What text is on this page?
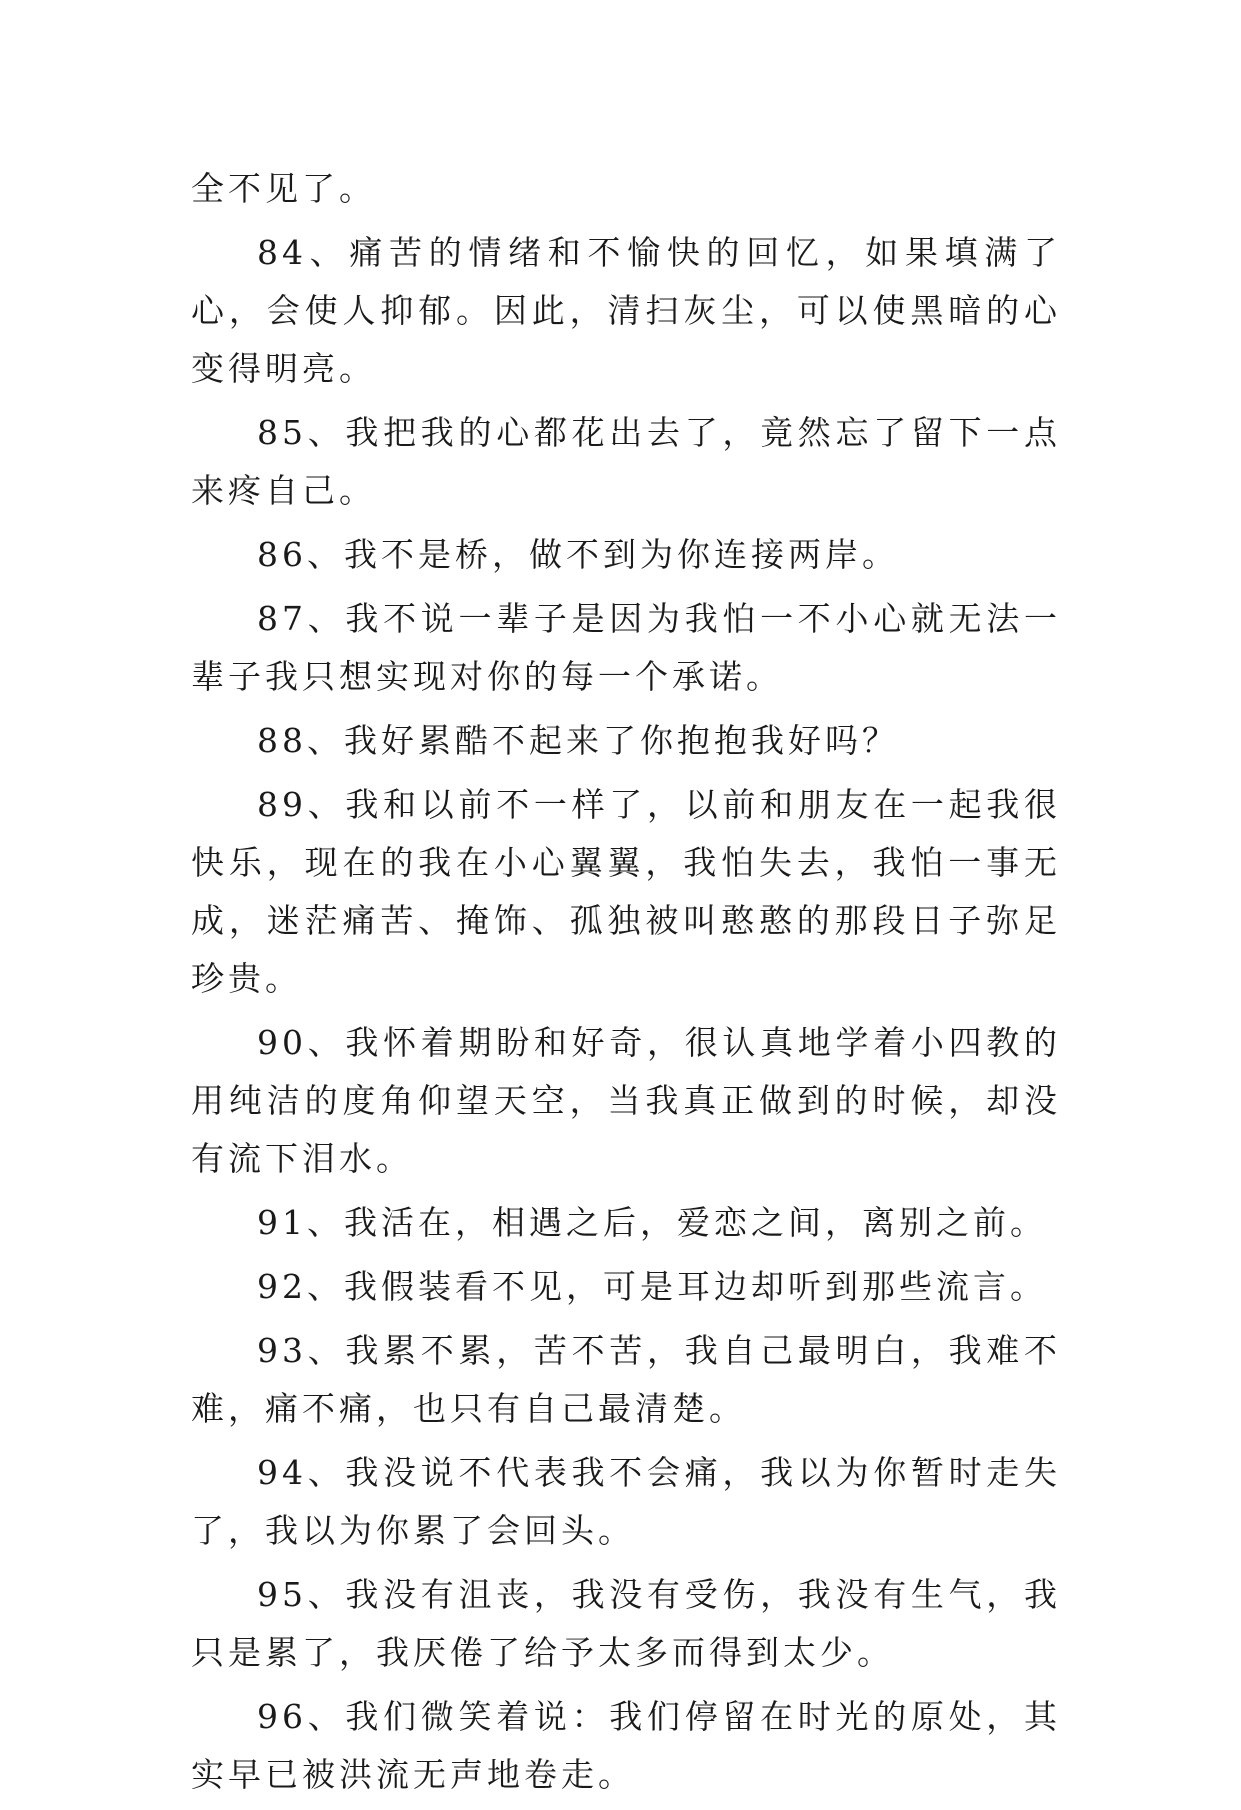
全不见了。

84、痛苦的情绪和不愉快的回忆，如果填满了心，会使人抑郁。因此，清扫灰尘，可以使黑暗的心变得明亮。

85、我把我的心都花出去了，竟然忘了留下一点来疼自己。

86、我不是桥，做不到为你连接两岸。

87、我不说一辈子是因为我怕一不小心就无法一辈子我只想实现对你的每一个承诺。

88、我好累酷不起来了你抱抱我好吗？

89、我和以前不一样了，以前和朋友在一起我很快乐，现在的我在小心翼翼，我怕失去，我怕一事无成，迷茫痛苦、掩饰、孤独被叫憨憨的那段日子弥足珍贵。

90、我怀着期盼和好奇，很认真地学着小四教的用纯洁的度角仰望天空，当我真正做到的时候，却没有流下泪水。

91、我活在，相遇之后，爱恋之间，离别之前。

92、我假装看不见，可是耳边却听到那些流言。

93、我累不累，苦不苦，我自己最明白，我难不难，痛不痛，也只有自己最清楚。

94、我没说不代表我不会痛，我以为你暂时走失了，我以为你累了会回头。

95、我没有沮丧，我没有受伤，我没有生气，我只是累了，我厌倦了给予太多而得到太少。

96、我们微笑着说：我们停留在时光的原处，其实早已被洪流无声地卷走。
